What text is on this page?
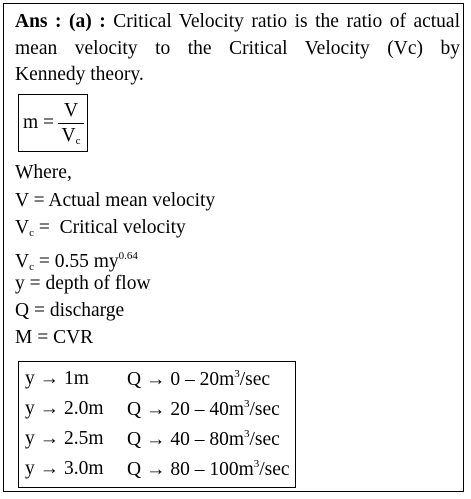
Ans : (a) : Critical Velocity ratio is the ratio of actual
mean velocity to the Critical Velocity (Vc) by
Kennedy theory.
m =
V
$V_c$
Where,
V = Actual mean velocity
$V_c$ =  Critical velocity
$V_c = 0.55$ $my^{0.64}$
y = depth of flow
Q = discharge
M = CVR
y → 1m $Q \to 0 - 20m^3/\sec$
y → 2.0m $Q \to 20 - 40m^3/\sec$
y → 2.5m $Q \to 40 - 80m^3/\sec$
y → 3.0m $Q \to 80 - 100m^3/\sec$
